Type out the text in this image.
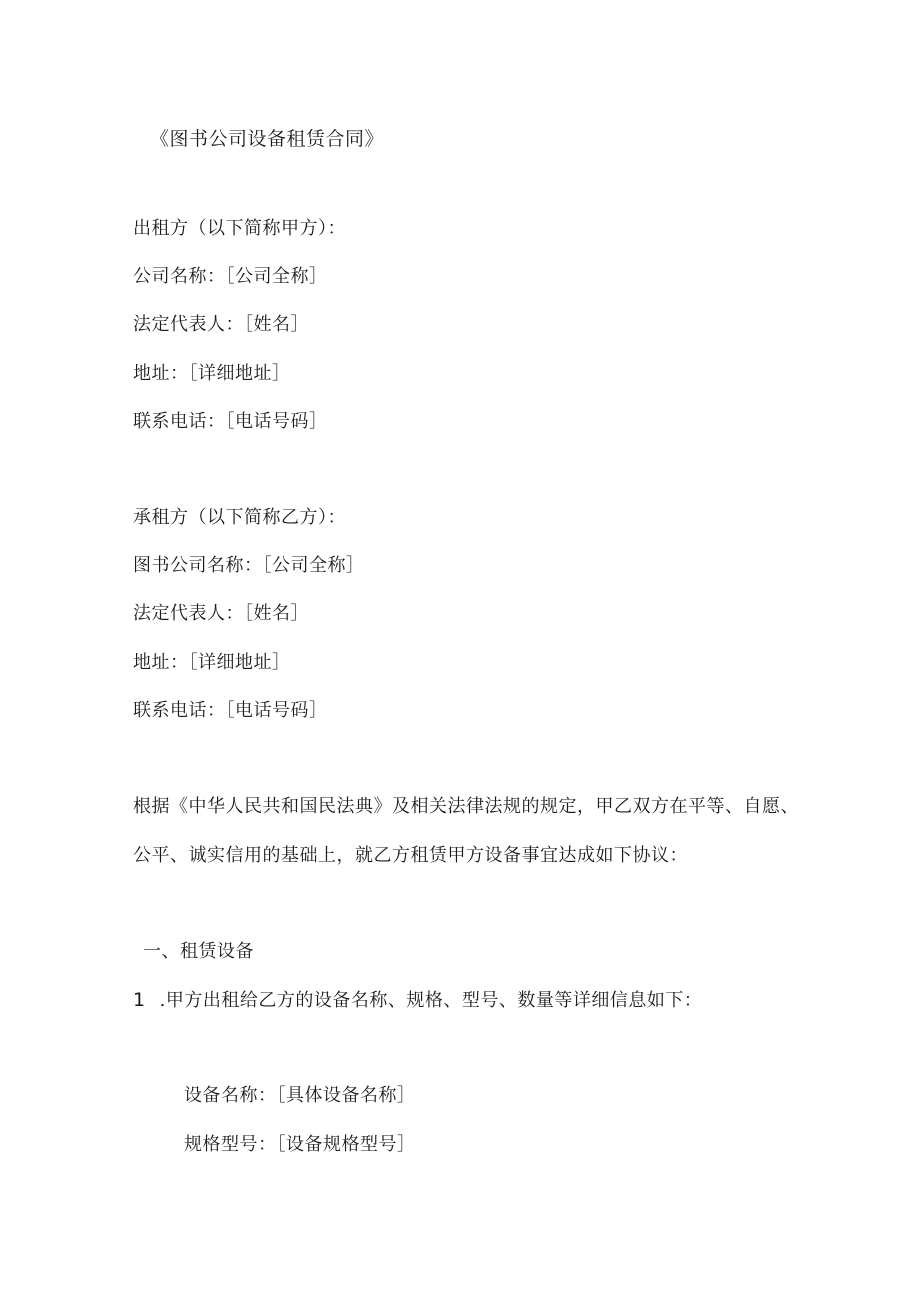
《图书公司设备租赁合同》
出租方（以下简称甲方）：
公司名称：［公司全称］
法定代表人：［姓名］
地址：［详细地址］
联系电话：［电话号码］
承租方（以下简称乙方）：
图书公司名称：［公司全称］
法定代表人：［姓名］
地址：［详细地址］
联系电话：［电话号码］
根据《中华人民共和国民法典》及相关法律法规的规定，甲乙双方在平等、自愿、
公平、诚实信用的基础上，就乙方租赁甲方设备事宜达成如下协议：
一、租赁设备
1 .甲方出租给乙方的设备名称、规格、型号、数量等详细信息如下：
设备名称：［具体设备名称］
规格型号：［设备规格型号］
